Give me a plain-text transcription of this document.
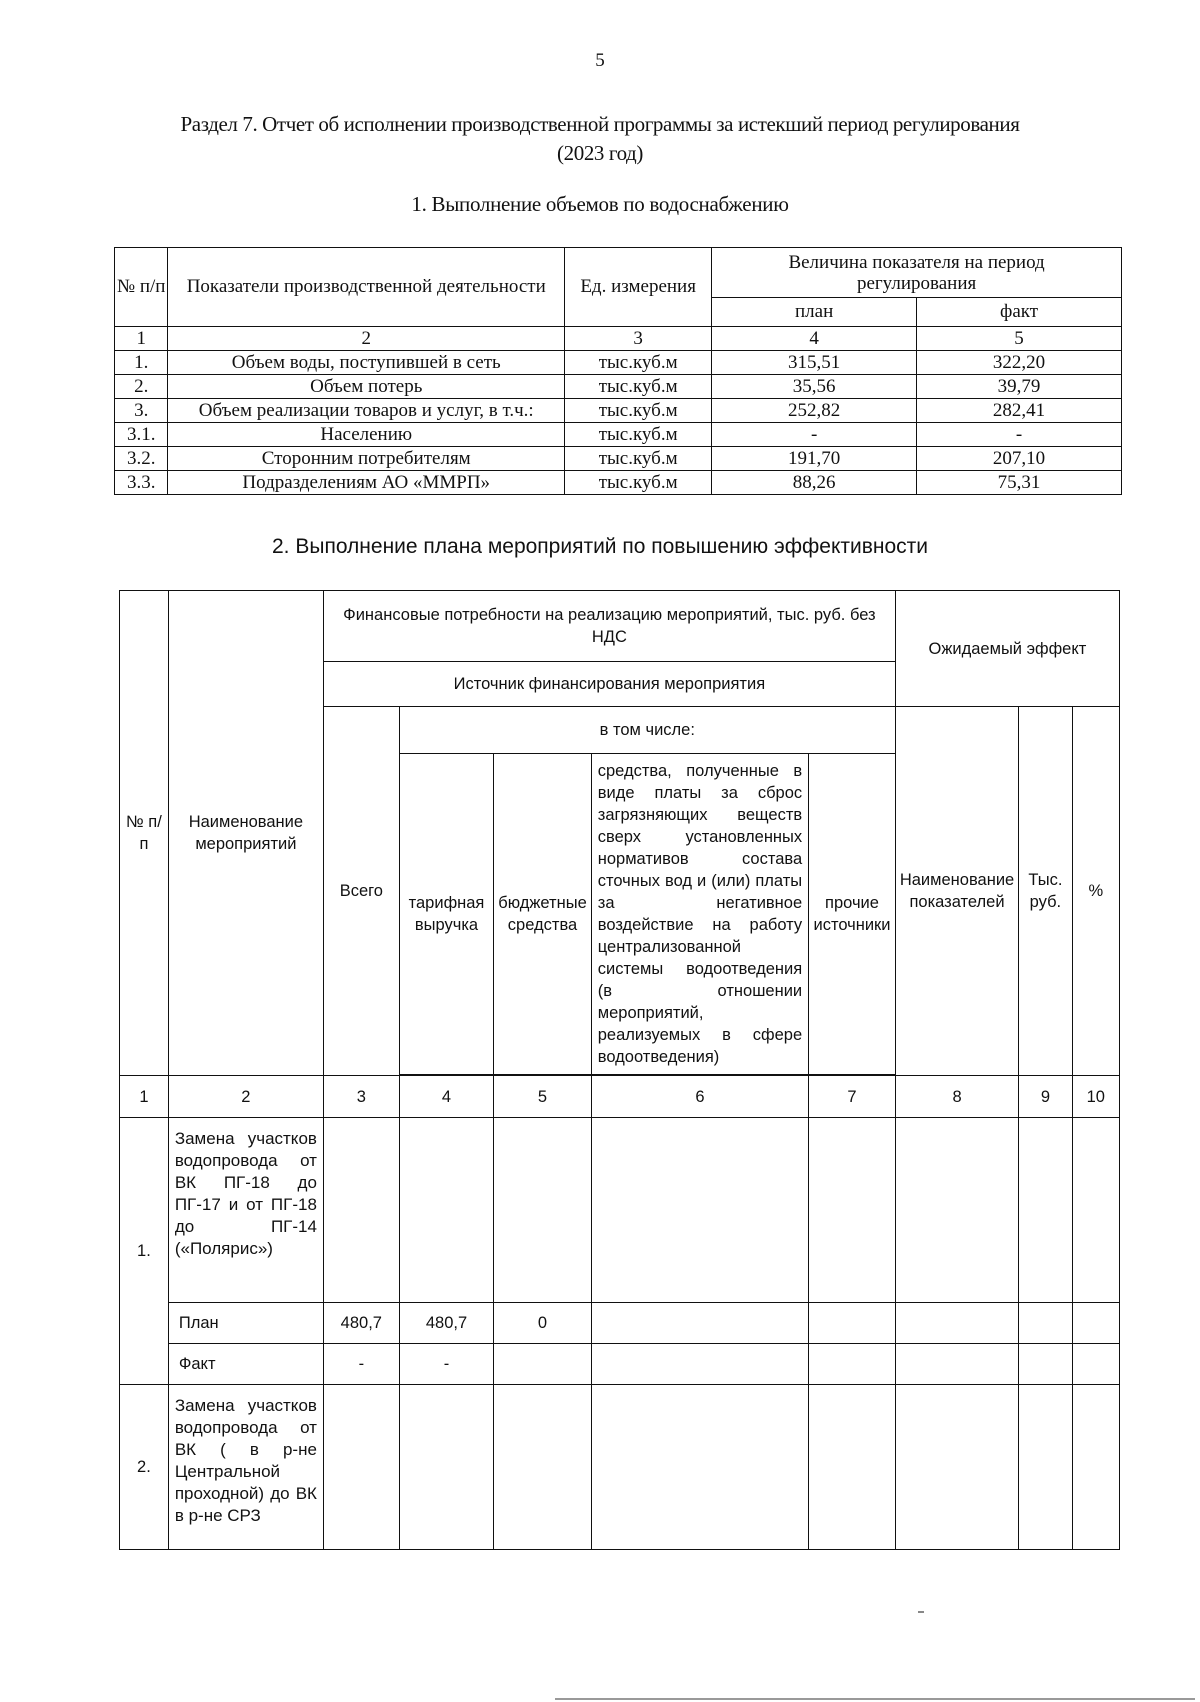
5
Раздел 7. Отчет об исполнении производственной программы за истекший период регулирования
(2023 год)
1. Выполнение объемов по водоснабжению
№ п/п	Показатели производственной деятельности	Ед. измерения	Величина показателя на период регулирования	
			план	факт
1	2	3	4	5
1.	Объем воды, поступившей в сеть	тыс.куб.м	315,51	322,20
2.	Объем потерь	тыс.куб.м	35,56	39,79
3.	Объем реализации товаров и услуг, в т.ч.:	тыс.куб.м	252,82	282,41
3.1.	Населению	тыс.куб.м	-	-
3.2.	Сторонним потребителям	тыс.куб.м	191,70	207,10
3.3.	Подразделениям АО «ММРП»	тыс.куб.м	88,26	75,31
2. Выполнение плана мероприятий по повышению эффективности
№ п/п	Наименование мероприятий	Финансовые потребности на реализацию мероприятий, тыс. руб. без НДС					Ожидаемый эффект		
		Источник финансирования мероприятия							
		Всего	в том числе:				Наименование показателей	Тыс. руб.	%
			тарифная выручка	бюджетные средства	средства, полученные в виде платы за сброс загрязняющих веществ сверх установленных нормативов состава сточных вод и (или) платы за негативное воздействие на работу централизованной системы водоотведения (в отношении мероприятий, реализуемых в сфере водоотведения)	прочие источники			

1	2	3	4	5	6	7	8	9	10
1.	Замена участков водопровода от ВК ПГ-18 до ПГ-17 и от ПГ-18 до ПГ-14 («Полярис»)								
	План	480,7	480,7	0					
	Факт	-	-						
2.	Замена участков водопровода от ВК ( в р-не Центральной проходной) до ВК в р-не СРЗ								
